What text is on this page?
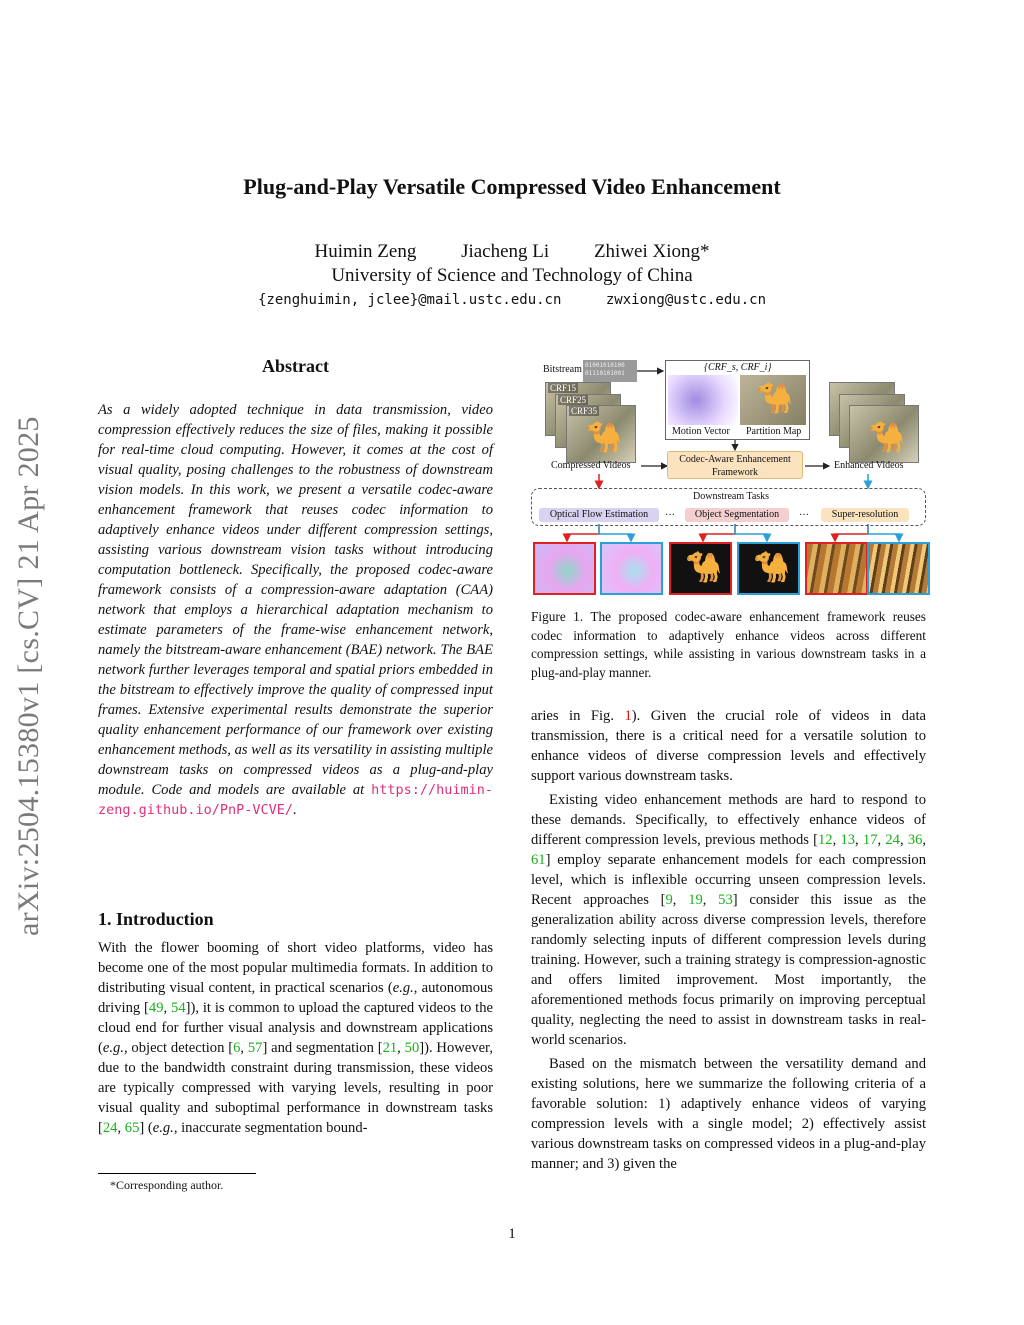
arXiv:2504.15380v1 [cs.CV] 21 Apr 2025
Plug-and-Play Versatile Compressed Video Enhancement
Huimin Zeng Jiacheng Li Zhiwei Xiong*
University of Science and Technology of China
{zenghuimin, jclee}@mail.ustc.edu.cn	zwxiong@ustc.edu.cn
Abstract
As a widely adopted technique in data transmission, video compression effectively reduces the size of files, making it possible for real-time cloud computing. However, it comes at the cost of visual quality, posing challenges to the robustness of downstream vision models. In this work, we present a versatile codec-aware enhancement framework that reuses codec information to adaptively enhance videos under different compression settings, assisting various downstream vision tasks without introducing computation bottleneck. Specifically, the proposed codec-aware framework consists of a compression-aware adaptation (CAA) network that employs a hierarchical adaptation mechanism to estimate parameters of the frame-wise enhancement network, namely the bitstream-aware enhancement (BAE) network. The BAE network further leverages temporal and spatial priors embedded in the bitstream to effectively improve the quality of compressed input frames. Extensive experimental results demonstrate the superior quality enhancement performance of our framework over existing enhancement methods, as well as its versatility in assisting multiple downstream tasks on compressed videos as a plug-and-play module. Code and models are available at https://huimin-zeng.github.io/PnP-VCVE/.
1. Introduction
With the flower booming of short video platforms, video has become one of the most popular multimedia formats. In addition to distributing visual content, in practical scenarios (e.g., autonomous driving [49, 54]), it is common to upload the captured videos to the cloud end for further visual analysis and downstream applications (e.g., object detection [6, 57] and segmentation [21, 50]). However, due to the bandwidth constraint during transmission, these videos are typically compressed with varying levels, resulting in poor visual quality and suboptimal performance in downstream tasks [24, 65] (e.g., inaccurate segmentation bound-
*Corresponding author.
Bitstream 01001010100 01110101001
CRF15
CRF25
CRF35
🐪
Compressed Videos
{CRF_s, CRF_i}
🐪
Motion Vector Partition Map
Codec-Aware Enhancement Framework
🐪
Enhanced Videos
Downstream Tasks
Optical Flow Estimation	···	Object Segmentation	···	Super-resolution
🐪 🐪
Figure 1. The proposed codec-aware enhancement framework reuses codec information to adaptively enhance videos across different compression settings, while assisting in various downstream tasks in a plug-and-play manner.

aries in Fig. 1). Given the crucial role of videos in data transmission, there is a critical need for a versatile solution to enhance videos of diverse compression levels and effectively support various downstream tasks.

Existing video enhancement methods are hard to respond to these demands. Specifically, to effectively enhance videos of different compression levels, previous methods [12, 13, 17, 24, 36, 61] employ separate enhancement models for each compression level, which is inflexible occurring unseen compression levels. Recent approaches [9, 19, 53] consider this issue as the generalization ability across diverse compression levels, therefore randomly selecting inputs of different compression levels during training. However, such a training strategy is compression-agnostic and offers limited improvement. Most importantly, the aforementioned methods focus primarily on improving perceptual quality, neglecting the need to assist in downstream tasks in real-world scenarios.

Based on the mismatch between the versatility demand and existing solutions, here we summarize the following criteria of a favorable solution: 1) adaptively enhance videos of varying compression levels with a single model; 2) effectively assist various downstream tasks on compressed videos in a plug-and-play manner; and 3) given the

1
